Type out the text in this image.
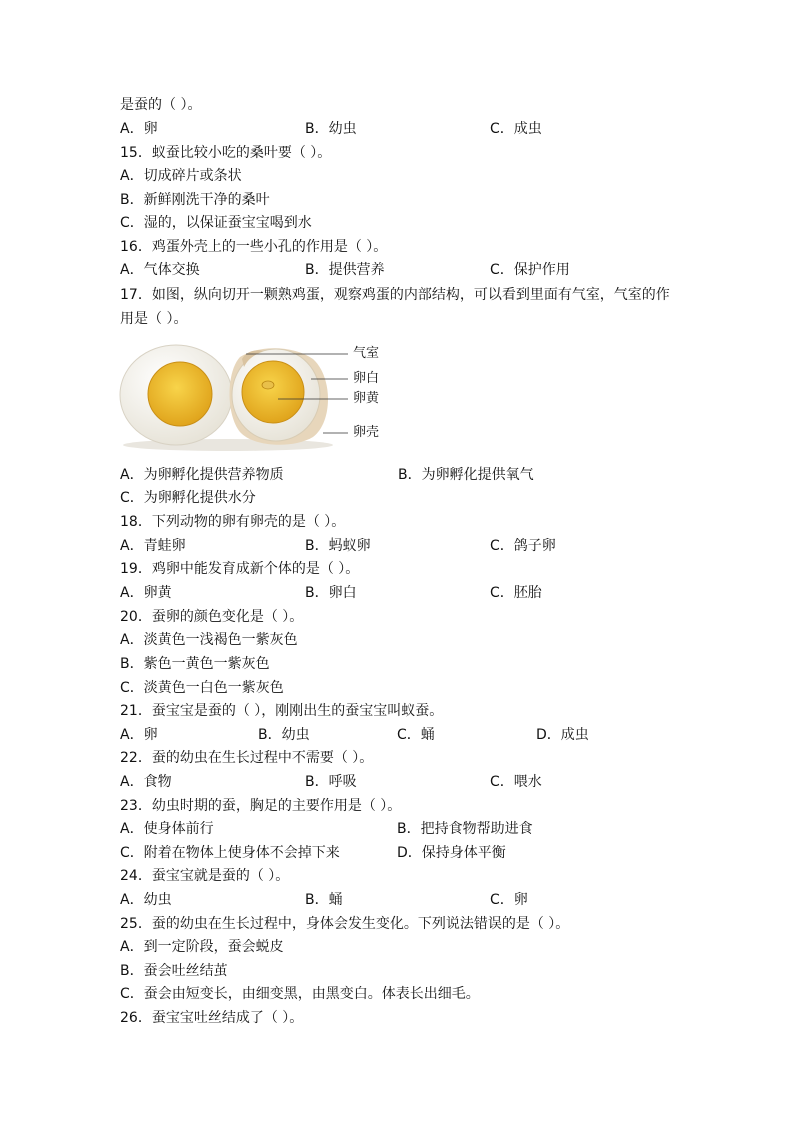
是蚕的（ ）。
A．卵	B．幼虫	C．成虫
15．蚁蚕比较小吃的桑叶要（ ）。
A．切成碎片或条状
B．新鲜刚洗干净的桑叶
C．湿的，以保证蚕宝宝喝到水
16．鸡蛋外壳上的一些小孔的作用是（ ）。
A．气体交换	B．提供营养	C．保护作用
17．如图，纵向切开一颗熟鸡蛋，观察鸡蛋的内部结构，可以看到里面有气室，气室的作
用是（ ）。
气室
卵白
卵黄
卵壳
A．为卵孵化提供营养物质	B．为卵孵化提供氧气
C．为卵孵化提供水分
18．下列动物的卵有卵壳的是（ ）。
A．青蛙卵	B．蚂蚁卵	C．鸽子卵
19．鸡卵中能发育成新个体的是（ ）。
A．卵黄	B．卵白	C．胚胎
20．蚕卵的颜色变化是（ ）。
A．淡黄色一浅褐色一紫灰色
B．紫色一黄色一紫灰色
C．淡黄色一白色一紫灰色
21．蚕宝宝是蚕的（ ），刚刚出生的蚕宝宝叫蚁蚕。
A．卵	B．幼虫	C．蛹	D．成虫
22．蚕的幼虫在生长过程中不需要（ ）。
A．食物	B．呼吸	C．喂水
23．幼虫时期的蚕，胸足的主要作用是（ ）。
A．使身体前行	B．把持食物帮助进食
C．附着在物体上使身体不会掉下来	D．保持身体平衡
24．蚕宝宝就是蚕的（ ）。
A．幼虫	B．蛹	C．卵
25．蚕的幼虫在生长过程中，身体会发生变化。下列说法错误的是（ ）。
A．到一定阶段，蚕会蜕皮
B．蚕会吐丝结茧
C．蚕会由短变长，由细变黑，由黑变白。体表长出细毛。
26．蚕宝宝吐丝结成了（ ）。
